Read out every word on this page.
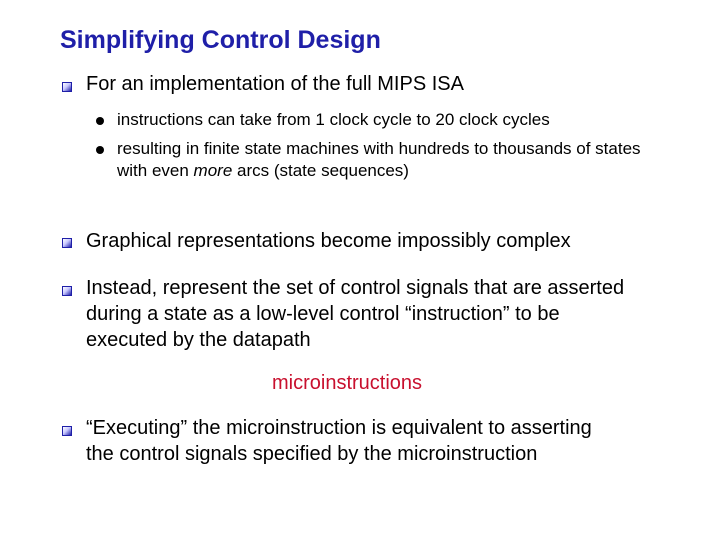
Simplifying Control Design

For an implementation of the full MIPS ISA

instructions can take from 1 clock cycle to 20 clock cycles

resulting in finite state machines with hundreds to thousands of states with even more arcs (state sequences)

Graphical representations become impossibly complex

Instead, represent the set of control signals that are asserted during a state as a low-level control “instruction” to be executed by the datapath

microinstructions

“Executing” the microinstruction is equivalent to asserting the control signals specified by the microinstruction
